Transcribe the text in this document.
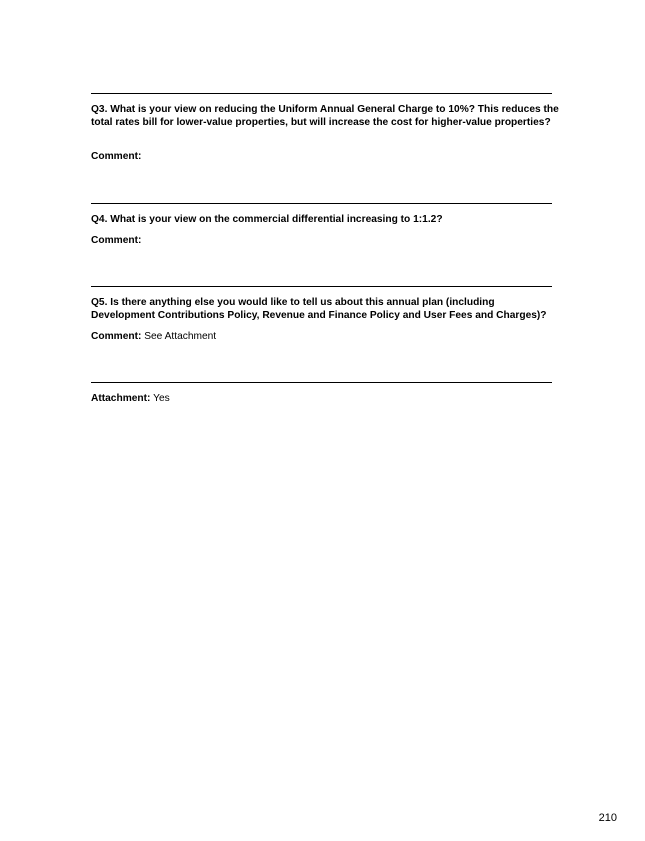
Q3. What is your view on reducing the Uniform Annual General Charge to 10%? This reduces the total rates bill for lower-value properties, but will increase the cost for higher-value properties?
Comment:
Q4. What is your view on the commercial differential increasing to 1:1.2?
Comment:
Q5. Is there anything else you would like to tell us about this annual plan (including Development Contributions Policy, Revenue and Finance Policy and User Fees and Charges)?
Comment: See Attachment
Attachment: Yes
210
